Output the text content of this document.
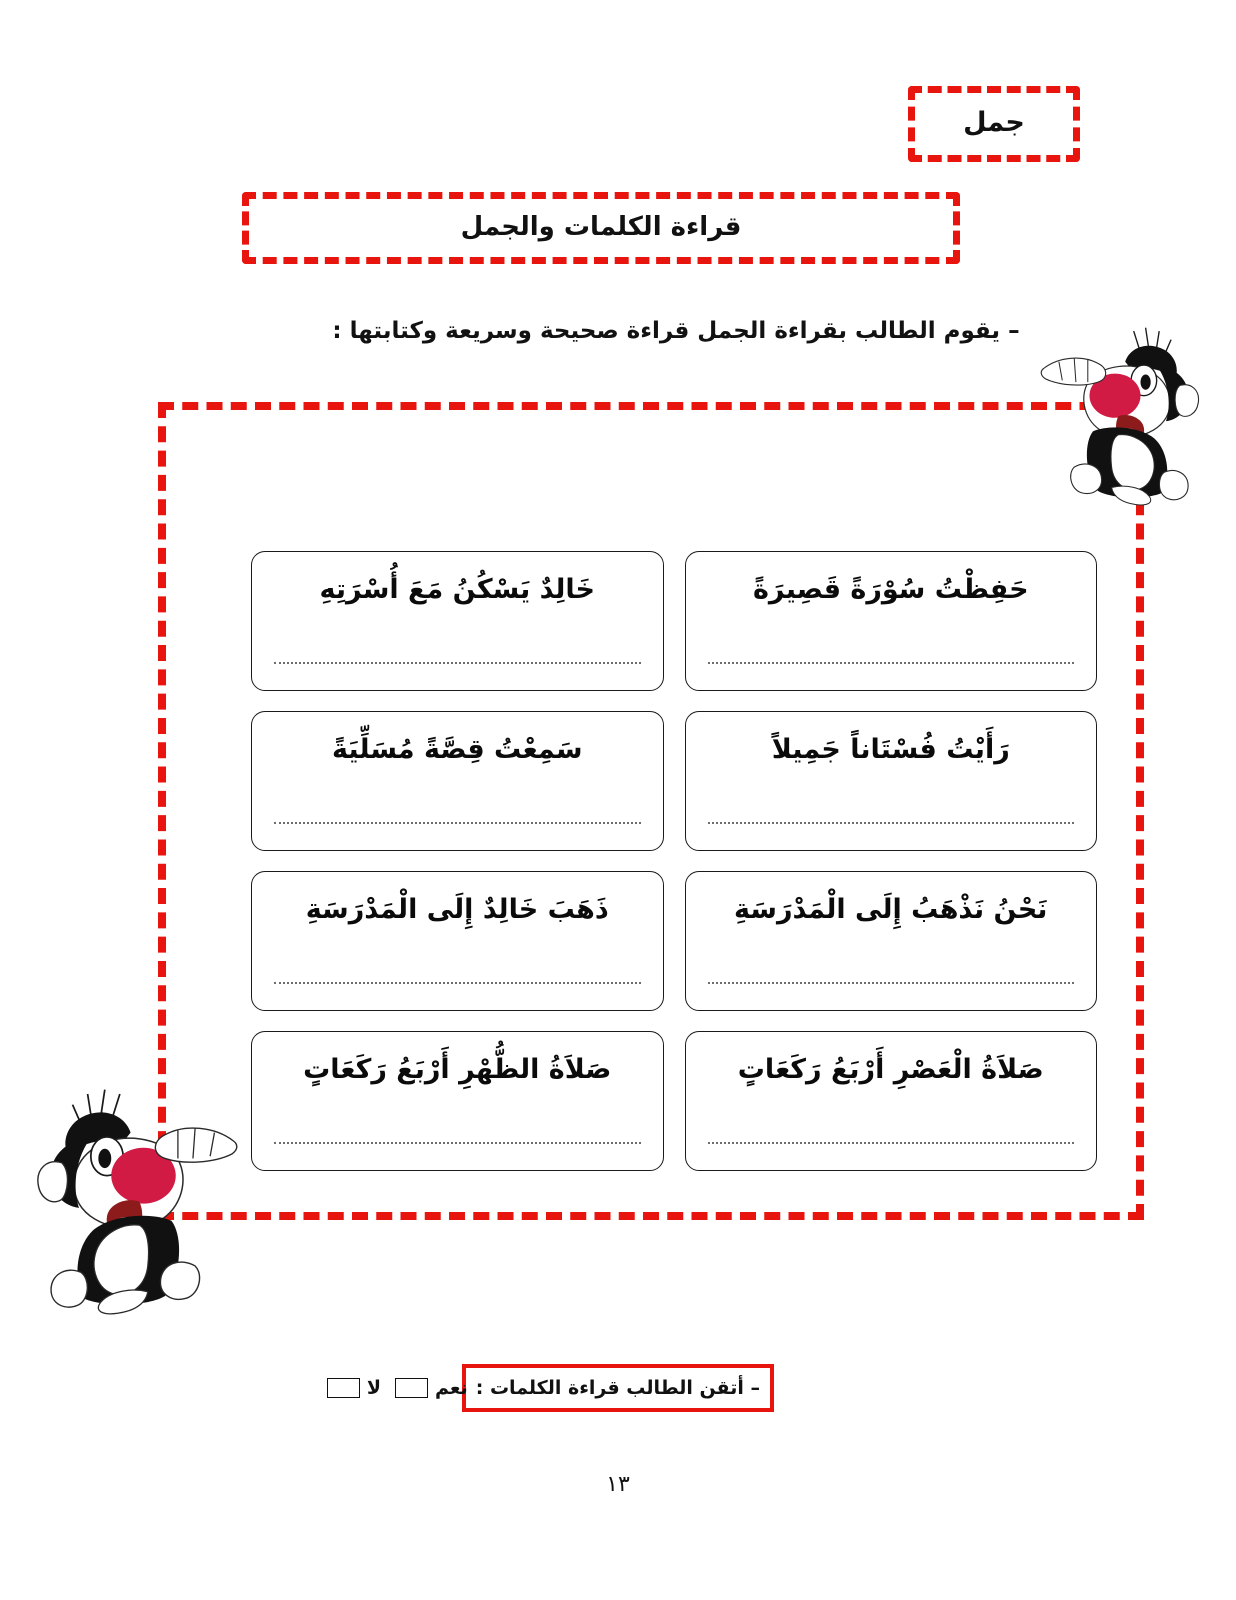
جمل
قراءة الكلمات والجمل
– يقوم الطالب بقراءة الجمل قراءة صحيحة وسريعة وكتابتها :
حَفِظْتُ سُوْرَةً قَصِيرَةً
خَالِدٌ يَسْكُنُ مَعَ أُسْرَتِهِ
رَأَيْتُ فُسْتَاناً جَمِيلاً
سَمِعْتُ قِصَّةً مُسَلِّيَةً
نَحْنُ نَذْهَبُ إِلَى الْمَدْرَسَةِ
ذَهَبَ خَالِدٌ إِلَى الْمَدْرَسَةِ
صَلاَةُ الْعَصْرِ أَرْبَعُ رَكَعَاتٍ
صَلاَةُ الظُّهْرِ أَرْبَعُ رَكَعَاتٍ
– أتقن الطالب قراءة الكلمات :
نعم
لا
١٣
